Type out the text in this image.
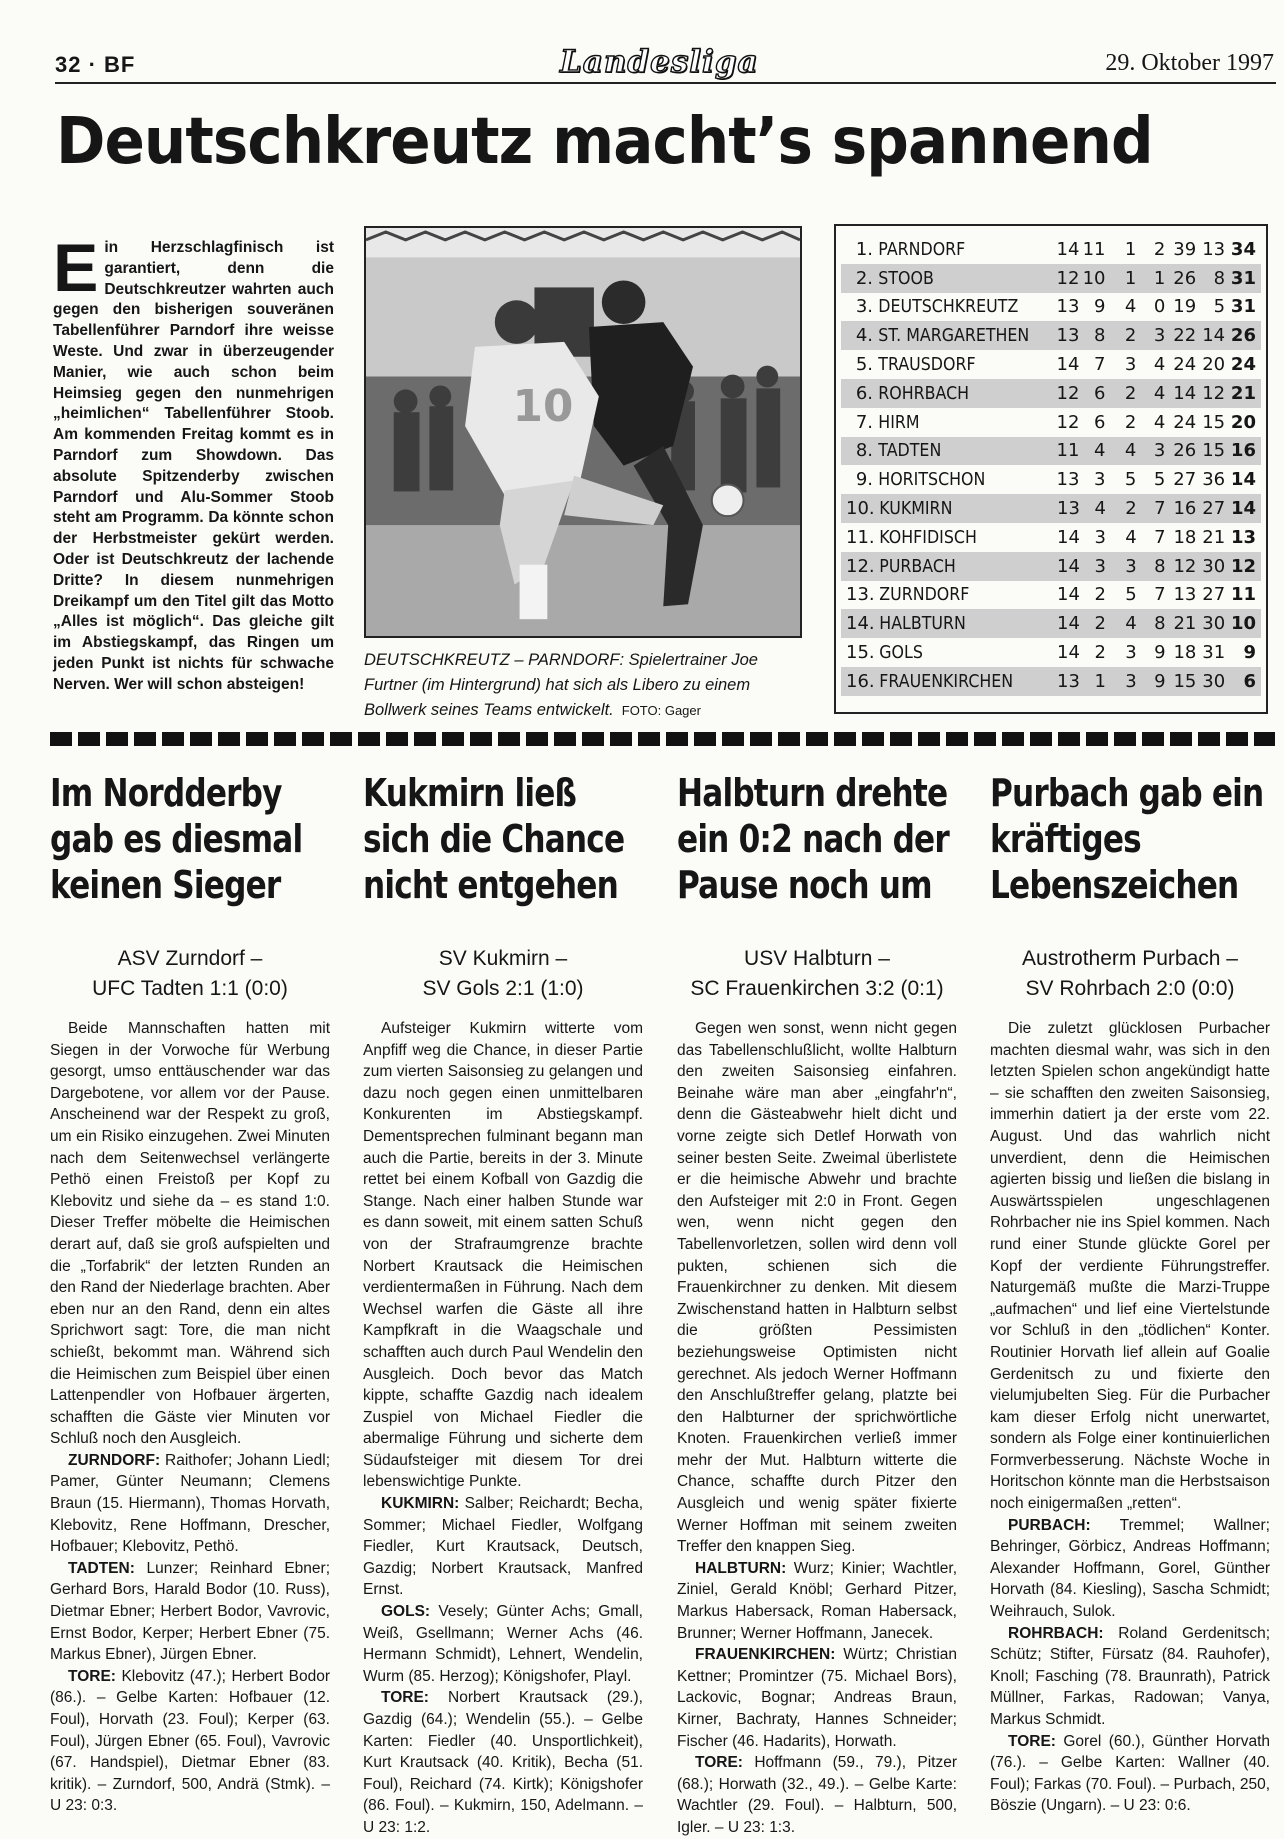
32 · BF	Landesliga	29. Oktober 1997
Deutschkreutz macht’s spannend
Ein Herzschlagfinisch ist garantiert, denn die Deutschkreutzer wahrten auch gegen den bisherigen souveränen Tabellenführer Parndorf ihre weisse Weste. Und zwar in überzeugender Manier, wie auch schon beim Heimsieg gegen den nunmehrigen „heimlichen“ Tabellenführer Stoob. Am kommenden Freitag kommt es in Parndorf zum Showdown. Das absolute Spitzenderby zwischen Parndorf und Alu-Sommer Stoob steht am Programm. Da könnte schon der Herbstmeister gekürt werden. Oder ist Deutschkreutz der lachende Dritte? In diesem nunmehrigen Dreikampf um den Titel gilt das Motto „Alles ist möglich“. Das gleiche gilt im Abstiegskampf, das Ringen um jeden Punkt ist nichts für schwache Nerven. Wer will schon absteigen!
10
DEUTSCHKREUTZ – PARNDORF: Spielertrainer Joe Furtner (im Hintergrund) hat sich als Libero zu einem Bollwerk seines Teams entwickelt. FOTO: Gager
1. PARNDORF	14 11	1 2 39 13 34
2. STOOB	12 10	1 1 26 8 31
3. DEUTSCHKREUTZ	13 9	4 0 19 5 31
4. ST. MARGARETHEN 13 8	2 3 22 14 26
5. TRAUSDORF	14 7	3 4 24 20 24
6. ROHRBACH	12 6	2 4 14 12 21
7. HIRM	12 6	2 4 24 15 20
8. TADTEN	11 4	4 3 26 15 16
9. HORITSCHON	13 3	5 5 27 36 14
10. KUKMIRN	13 4	2 7 16 27 14
11. KOHFIDISCH	14 3	4 7 18 21 13
12. PURBACH	14 3	3 8 12 30 12
13. ZURNDORF	14 2	5 7 13 27 11
14. HALBTURN	14 2	4 8 21 30 10
15. GOLS	14 2	3 9 18 31	9
16. FRAUENKIRCHEN	13 1	3 9 15 30	6
Im Nordderby gab es diesmal keinen Sieger
ASV Zurndorf –
UFC Tadten 1:1 (0:0)

Beide Mannschaften hatten mit Siegen in der Vorwoche für Werbung gesorgt, umso enttäuschender war das Dargebotene, vor allem vor der Pause. Anscheinend war der Respekt zu groß, um ein Risiko einzugehen. Zwei Minuten nach dem Seitenwechsel verlängerte Pethö einen Freistoß per Kopf zu Klebovitz und siehe da – es stand 1:0. Dieser Treffer möbelte die Heimischen derart auf, daß sie groß aufspielten und die „Torfabrik“ der letzten Runden an den Rand der Niederlage brachten. Aber eben nur an den Rand, denn ein altes Sprichwort sagt: Tore, die man nicht schießt, bekommt man. Während sich die Heimischen zum Beispiel über einen Lattenpendler von Hofbauer ärgerten, schafften die Gäste vier Minuten vor Schluß noch den Ausgleich.

ZURNDORF: Raithofer; Johann Liedl; Pamer, Günter Neumann; Clemens Braun (15. Hiermann), Thomas Horvath, Klebovitz, Rene Hoffmann, Drescher, Hofbauer; Klebovitz, Pethö.

TADTEN: Lunzer; Reinhard Ebner; Gerhard Bors, Harald Bodor (10. Russ), Dietmar Ebner; Herbert Bodor, Vavrovic, Ernst Bodor, Kerper; Herbert Ebner (75. Markus Ebner), Jürgen Ebner.

TORE: Klebovitz (47.); Herbert Bodor (86.). – Gelbe Karten: Hofbauer (12. Foul), Horvath (23. Foul); Kerper (63. Foul), Jürgen Ebner (65. Foul), Vavrovic (67. Handspiel), Dietmar Ebner (83. kritik). – Zurndorf, 500, Andrä (Stmk). – U 23: 0:3.

Kukmirn ließ sich die Chance nicht entgehen
SV Kukmirn –
SV Gols 2:1 (1:0)

Aufsteiger Kukmirn witterte vom Anpfiff weg die Chance, in dieser Partie zum vierten Saisonsieg zu gelangen und dazu noch gegen einen unmittelbaren Konkurenten im Abstiegskampf. Dementsprechen fulminant begann man auch die Partie, bereits in der 3. Minute rettet bei einem Kofball von Gazdig die Stange. Nach einer halben Stunde war es dann soweit, mit einem satten Schuß von der Strafraumgrenze brachte Norbert Krautsack die Heimischen verdientermaßen in Führung. Nach dem Wechsel warfen die Gäste all ihre Kampfkraft in die Waagschale und schafften auch durch Paul Wendelin den Ausgleich. Doch bevor das Match kippte, schaffte Gazdig nach idealem Zuspiel von Michael Fiedler die abermalige Führung und sicherte dem Südaufsteiger mit diesem Tor drei lebenswichtige Punkte.

KUKMIRN: Salber; Reichardt; Becha, Sommer; Michael Fiedler, Wolfgang Fiedler, Kurt Krautsack, Deutsch, Gazdig; Norbert Krautsack, Manfred Ernst.

GOLS: Vesely; Günter Achs; Gmall, Weiß, Gsellmann; Werner Achs (46. Hermann Schmidt), Lehnert, Wendelin, Wurm (85. Herzog); Königshofer, Playl.

TORE: Norbert Krautsack (29.), Gazdig (64.); Wendelin (55.). – Gelbe Karten: Fiedler (40. Unsportlichkeit), Kurt Krautsack (40. Kritik), Becha (51. Foul), Reichard (74. Kirtk); Königshofer (86. Foul). – Kukmirn, 150, Adelmann. – U 23: 1:2.

Halbturn drehte ein 0:2 nach der Pause noch um
USV Halbturn –
SC Frauenkirchen 3:2 (0:1)

Gegen wen sonst, wenn nicht gegen das Tabellenschlußlicht, wollte Halbturn den zweiten Saisonsieg einfahren. Beinahe wäre man aber „eingfahr'n“, denn die Gästeabwehr hielt dicht und vorne zeigte sich Detlef Horwath von seiner besten Seite. Zweimal überlistete er die heimische Abwehr und brachte den Aufsteiger mit 2:0 in Front. Gegen wen, wenn nicht gegen den Tabellenvorletzen, sollen wird denn voll pukten, schienen sich die Frauenkirchner zu denken. Mit diesem Zwischenstand hatten in Halbturn selbst die größten Pessimisten beziehungsweise Optimisten nicht gerechnet. Als jedoch Werner Hoffmann den Anschlußtreffer gelang, platzte bei den Halbturner der sprichwörtliche Knoten. Frauenkirchen verließ immer mehr der Mut. Halbturn witterte die Chance, schaffte durch Pitzer den Ausgleich und wenig später fixierte Werner Hoffman mit seinem zweiten Treffer den knappen Sieg.

HALBTURN: Wurz; Kinier; Wachtler, Ziniel, Gerald Knöbl; Gerhard Pitzer, Markus Habersack, Roman Habersack, Brunner; Werner Hoffmann, Janecek.

FRAUENKIRCHEN: Würtz; Christian Kettner; Promintzer (75. Michael Bors), Lackovic, Bognar; Andreas Braun, Kirner, Bachraty, Hannes Schneider; Fischer (46. Hadarits), Horwath.

TORE: Hoffmann (59., 79.), Pitzer (68.); Horwath (32., 49.). – Gelbe Karte: Wachtler (29. Foul). – Halbturn, 500, Igler. – U 23: 1:3.

Purbach gab ein kräftiges Lebenszeichen
Austrotherm Purbach –
SV Rohrbach 2:0 (0:0)

Die zuletzt glücklosen Purbacher machten diesmal wahr, was sich in den letzten Spielen schon angekündigt hatte – sie schafften den zweiten Saisonsieg, immerhin datiert ja der erste vom 22. August. Und das wahrlich nicht unverdient, denn die Heimischen agierten bissig und ließen die bislang in Auswärtsspielen ungeschlagenen Rohrbacher nie ins Spiel kommen. Nach rund einer Stunde glückte Gorel per Kopf der verdiente Führungstreffer. Naturgemäß mußte die Marzi-Truppe „aufmachen“ und lief eine Viertelstunde vor Schluß in den „tödlichen“ Konter. Routinier Horvath lief allein auf Goalie Gerdenitsch zu und fixierte den vielumjubelten Sieg. Für die Purbacher kam dieser Erfolg nicht unerwartet, sondern als Folge einer kontinuierlichen Formverbesserung. Nächste Woche in Horitschon könnte man die Herbstsaison noch einigermaßen „retten“.

PURBACH: Tremmel; Wallner; Behringer, Görbicz, Andreas Hoffmann; Alexander Hoffmann, Gorel, Günther Horvath (84. Kiesling), Sascha Schmidt; Weihrauch, Sulok.

ROHRBACH: Roland Gerdenitsch; Schütz; Stifter, Fürsatz (84. Rauhofer), Knoll; Fasching (78. Braunrath), Patrick Müllner, Farkas, Radowan; Vanya, Markus Schmidt.

TORE: Gorel (60.), Günther Horvath (76.). – Gelbe Karten: Wallner (40. Foul); Farkas (70. Foul). – Purbach, 250, Böszie (Ungarn). – U 23: 0:6.
